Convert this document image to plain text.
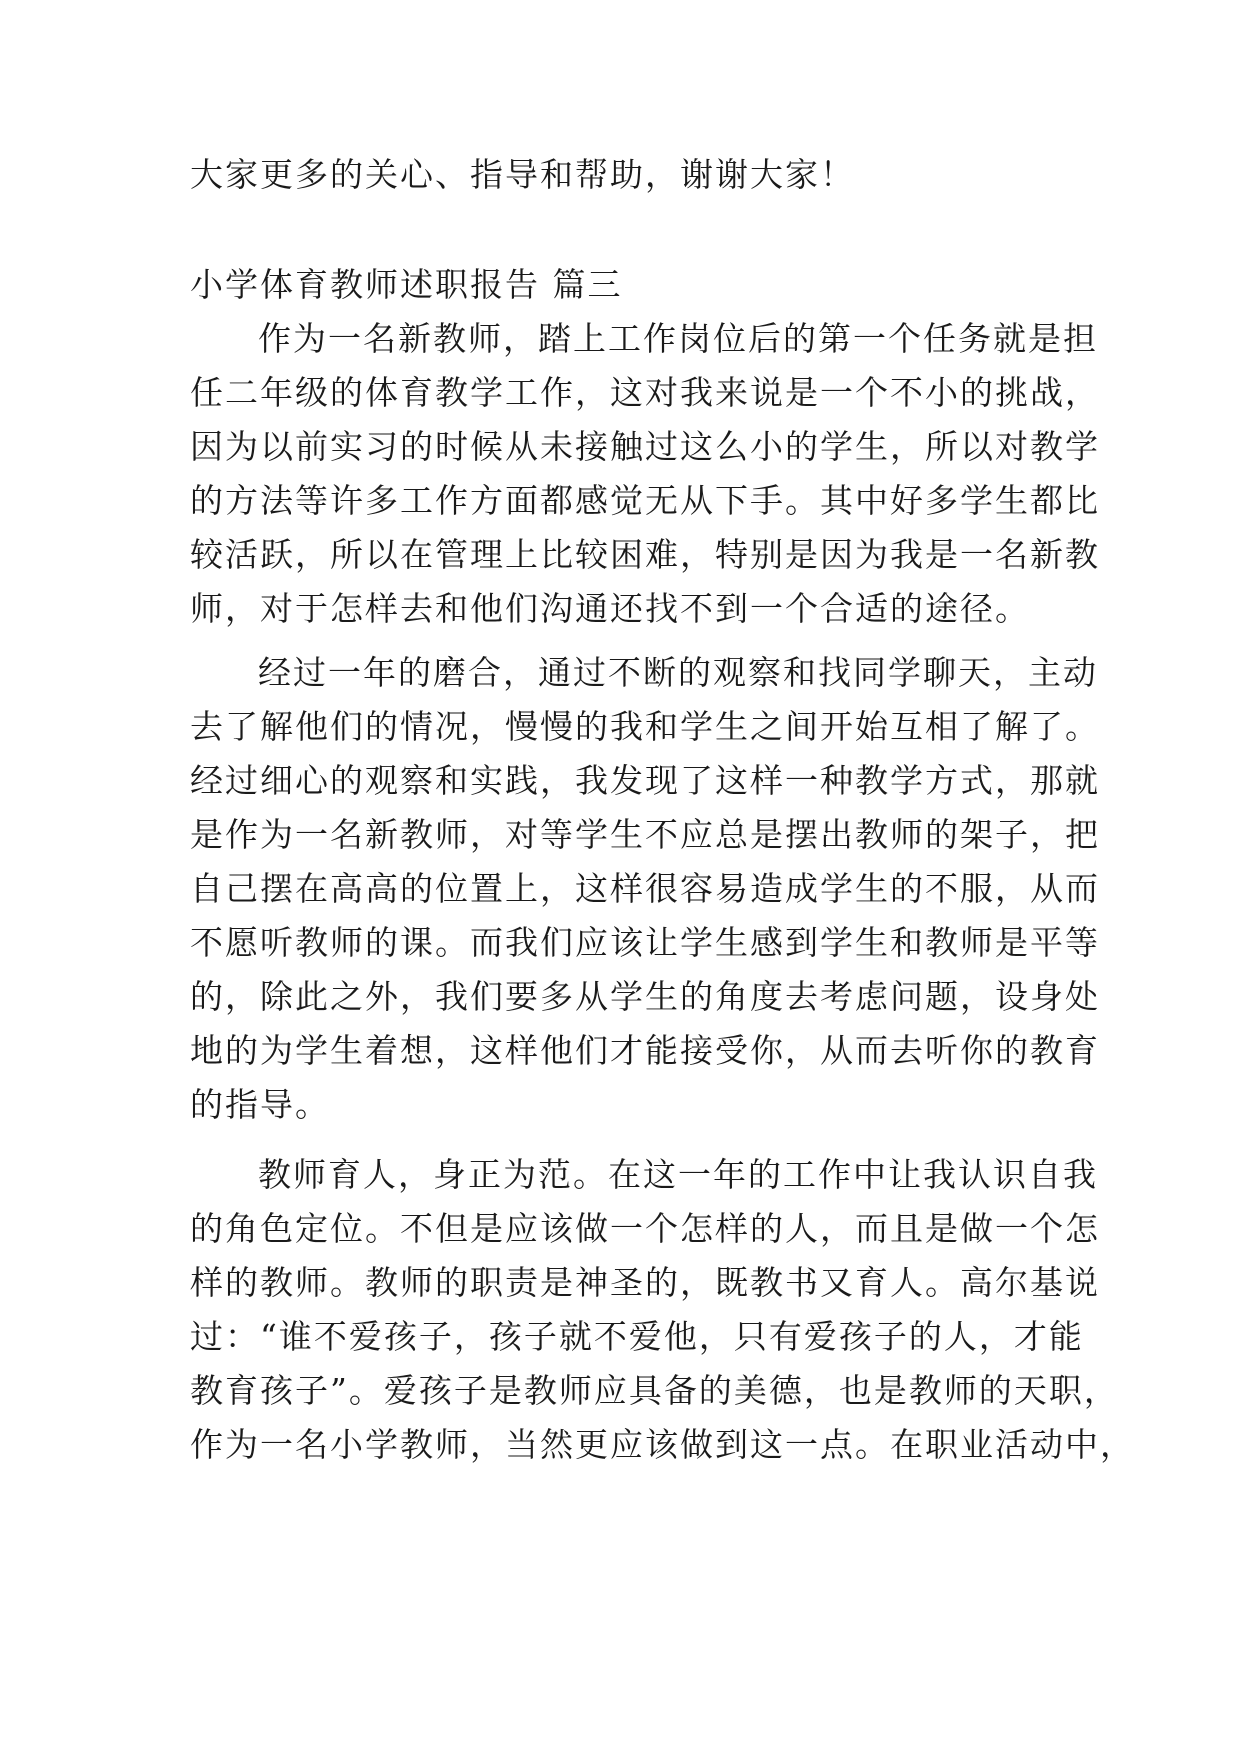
大家更多的关心、指导和帮助，谢谢大家！
小学体育教师述职报告 篇三
作为一名新教师，踏上工作岗位后的第一个任务就是担
任二年级的体育教学工作，这对我来说是一个不小的挑战，
因为以前实习的时候从未接触过这么小的学生，所以对教学
的方法等许多工作方面都感觉无从下手。其中好多学生都比
较活跃，所以在管理上比较困难，特别是因为我是一名新教
师，对于怎样去和他们沟通还找不到一个合适的途径。
经过一年的磨合，通过不断的观察和找同学聊天，主动
去了解他们的情况，慢慢的我和学生之间开始互相了解了。
经过细心的观察和实践，我发现了这样一种教学方式，那就
是作为一名新教师，对等学生不应总是摆出教师的架子，把
自己摆在高高的位置上，这样很容易造成学生的不服，从而
不愿听教师的课。而我们应该让学生感到学生和教师是平等
的，除此之外，我们要多从学生的角度去考虑问题，设身处
地的为学生着想，这样他们才能接受你，从而去听你的教育
的指导。
教师育人，身正为范。在这一年的工作中让我认识自我
的角色定位。不但是应该做一个怎样的人，而且是做一个怎
样的教师。教师的职责是神圣的，既教书又育人。高尔基说
过：“谁不爱孩子，孩子就不爱他，只有爱孩子的人，才能
教育孩子”。爱孩子是教师应具备的美德，也是教师的天职，
作为一名小学教师，当然更应该做到这一点。在职业活动中，
